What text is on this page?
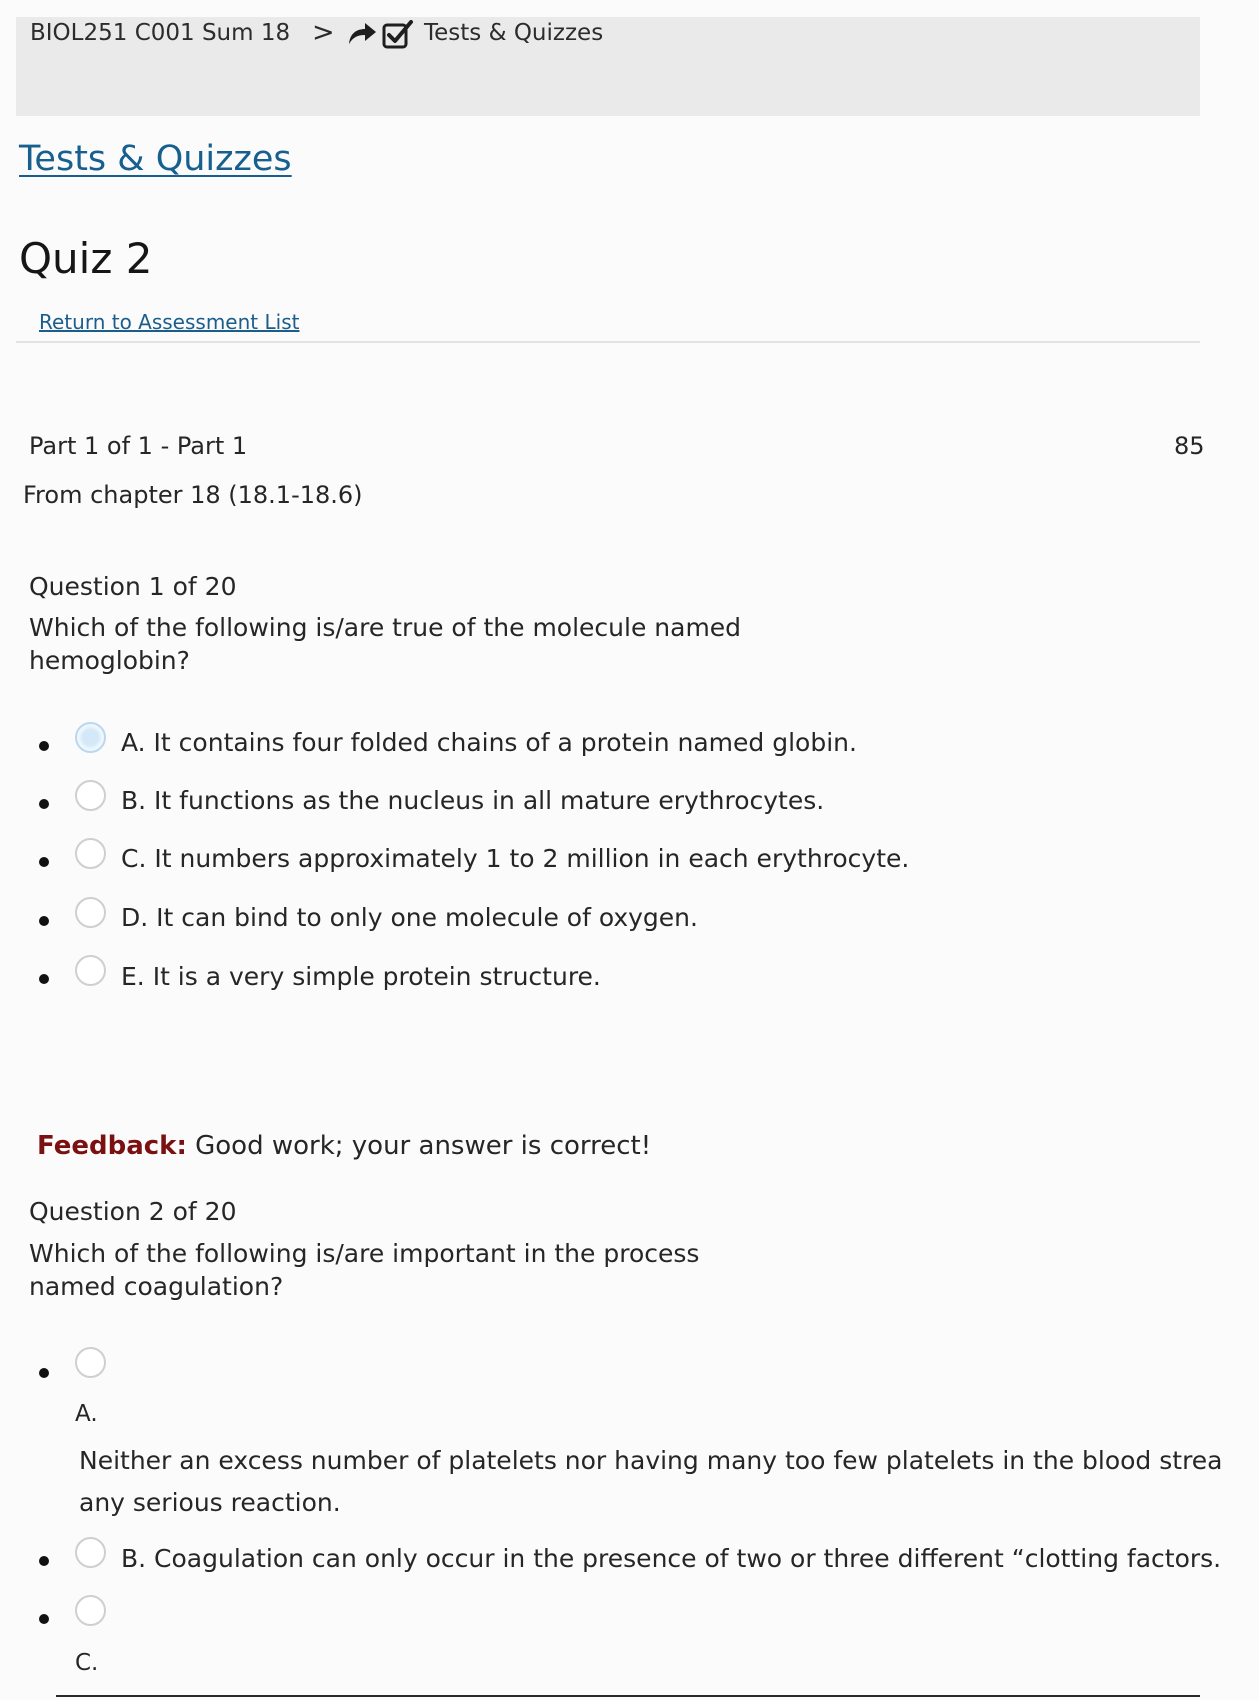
BIOL251 C001 Sum 18 >	Tests & Quizzes
Tests & Quizzes
Quiz 2
Return to Assessment List
Part 1 of 1 - Part 1	85
From chapter 18 (18.1-18.6)
Question 1 of 20
Which of the following is/are true of the molecule named hemoglobin?
A. It contains four folded chains of a protein named globin.
B. It functions as the nucleus in all mature erythrocytes.
C. It numbers approximately 1 to 2 million in each erythrocyte.
D. It can bind to only one molecule of oxygen.
E. It is a very simple protein structure.
Feedback: Good work; your answer is correct!
Question 2 of 20
Which of the following is/are important in the process named coagulation?
A.
Neither an excess number of platelets nor having many too few platelets in the blood strea any serious reaction.
B. Coagulation can only occur in the presence of two or three different “clotting factors.
C.
